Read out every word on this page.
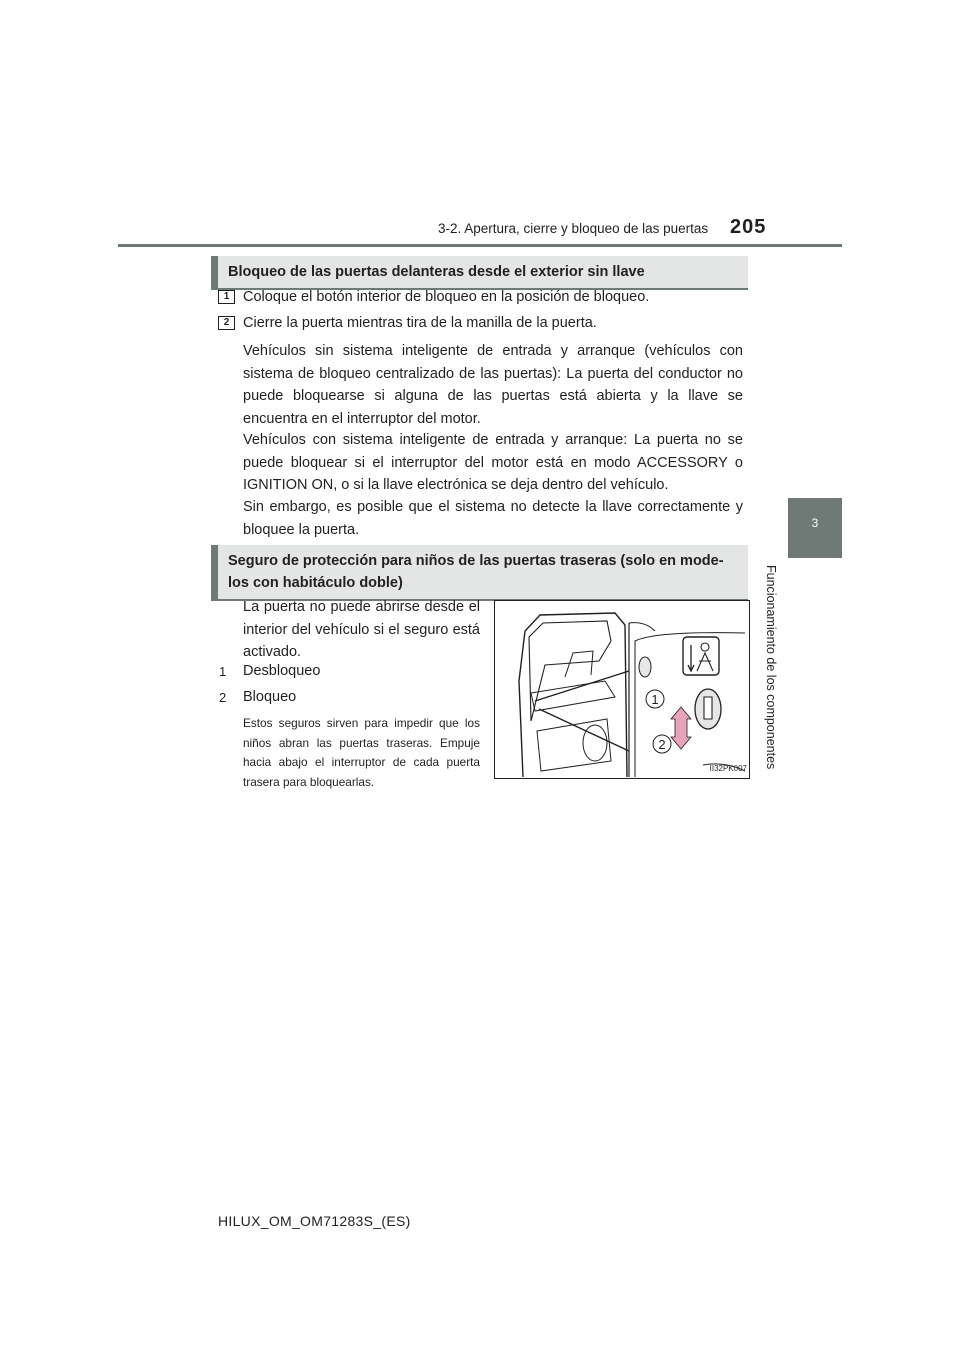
3-2. Apertura, cierre y bloqueo de las puertas 205
3
Funcionamiento de los componentes
Bloqueo de las puertas delanteras desde el exterior sin llave
1 Coloque el botón interior de bloqueo en la posición de bloqueo.
2 Cierre la puerta mientras tira de la manilla de la puerta.
Vehículos sin sistema inteligente de entrada y arranque (vehículos con sistema de bloqueo centralizado de las puertas): La puerta del conductor no puede bloquearse si alguna de las puertas está abierta y la llave se encuentra en el interruptor del motor.
Vehículos con sistema inteligente de entrada y arranque: La puerta no se puede bloquear si el interruptor del motor está en modo ACCESSORY o IGNITION ON, o si la llave electrónica se deja dentro del vehículo.
Sin embargo, es posible que el sistema no detecte la llave correctamente y bloquee la puerta.
Seguro de protección para niños de las puertas traseras (solo en mode-
los con habitáculo doble)
La puerta no puede abrirse desde el interior del vehículo si el seguro está activado.
1 Desbloqueo
2 Bloqueo
Estos seguros sirven para impedir que los niños abran las puertas traseras. Empuje hacia abajo el interruptor de cada puerta trasera para bloquearlas.
1
2
II32PK007
HILUX_OM_OM71283S_(ES)
